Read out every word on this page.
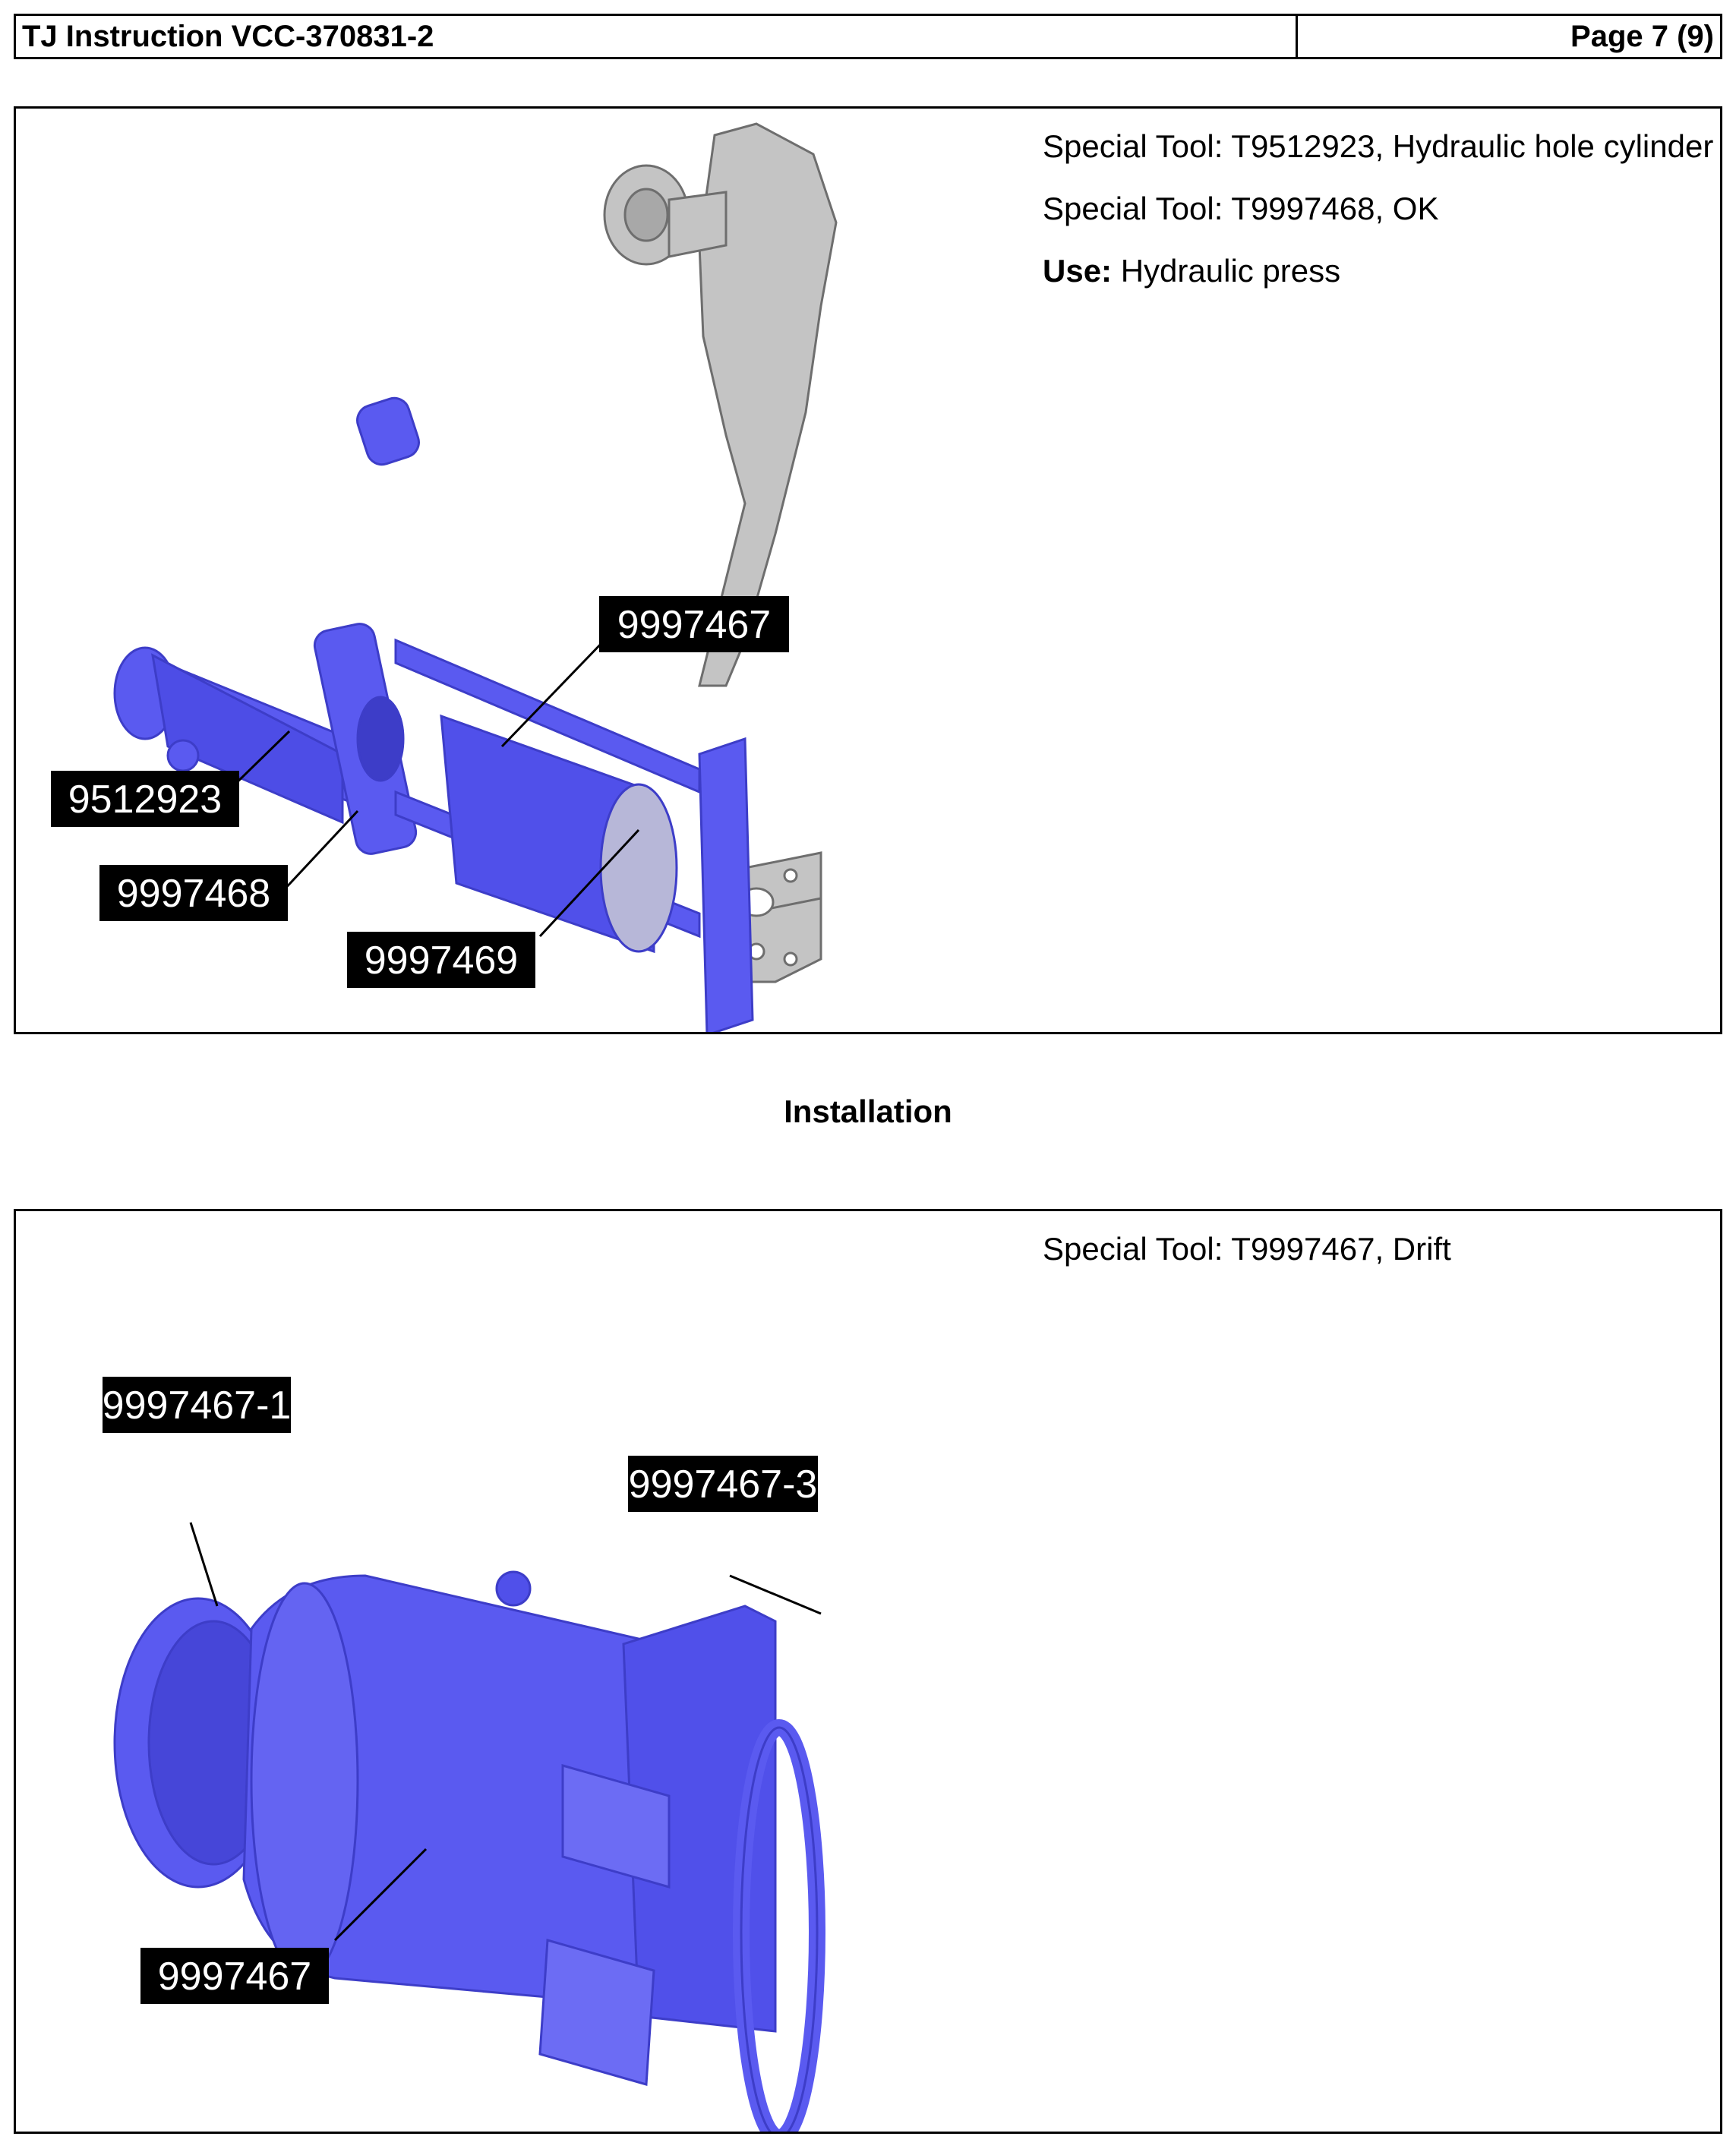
TJ Instruction VCC-370831-2	Page 7 (9)
Special Tool: T9512923, Hydraulic hole cylinder
Special Tool: T9997468, OK
Use: Hydraulic press
9997467
9512923
9997468
9997469
Installation
Special Tool: T9997467, Drift
9997467-1
9997467-3
9997467
